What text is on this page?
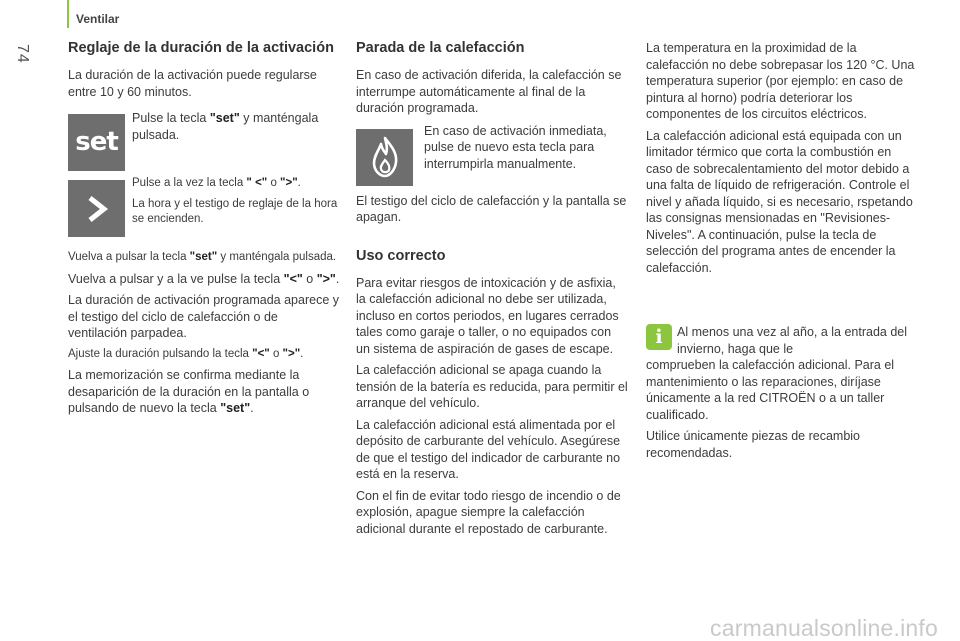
Ventilar
74	Reglaje de la duración de la activación

La duración de la activación puede regularse entre 10 y 60 minutos.

set
Pulse la tecla "set" y manténgala pulsada.

Pulse a la vez la tecla " <" o ">".

La hora y el testigo de reglaje de la hora se encienden.

Vuelva a pulsar la tecla "set" y manténgala pulsada.

Vuelva a pulsar y a la ve pulse la tecla "<" o ">".

La duración de activación programada aparece y el testigo del ciclo de calefacción o de ventilación parpadea.

Ajuste la duración pulsando la tecla "<" o ">".

La memorización se confirma mediante la desaparición de la duración en la pantalla o pulsando de nuevo la tecla "set".

Parada de la calefacción

En caso de activación diferida, la calefacción se interrumpe automáticamente al final de la duración programada.

En caso de activación inmediata, pulse de nuevo esta tecla para interrumpirla manualmente.

El testigo del ciclo de calefacción y la pantalla se apagan.

Uso correcto

Para evitar riesgos de intoxicación y de asfixia, la calefacción adicional no debe ser utilizada, incluso en cortos periodos, en lugares cerrados tales como garaje o taller, o no equipados con un sistema de aspiración de gases de escape.

La calefacción adicional se apaga cuando la tensión de la batería es reducida, para permitir el arranque del vehículo.

La calefacción adicional está alimentada por el depósito de carburante del vehículo. Asegúrese de que el testigo del indicador de carburante no está en la reserva.

Con el fin de evitar todo riesgo de incendio o de explosión, apague siempre la calefacción adicional durante el repostado de carburante.

La temperatura en la proximidad de la calefacción no debe sobrepasar los 120 °C. Una temperatura superior (por ejemplo: en caso de pintura al horno) podría deteriorar los componentes de los circuitos eléctricos.

La calefacción adicional está equipada con un limitador térmico que corta la combustión en caso de sobrecalentamiento del motor debido a una falta de líquido de refrigeración. Controle el nivel y añada líquido, si es necesario, rspetando las consignas mensionadas en "Revisiones-Niveles". A continuación, pulse la tecla de selección del programa antes de encender la calefacción.

i	Al menos una vez al año, a la entrada del invierno, haga que le
comprueben la calefacción adicional. Para el mantenimiento o las reparaciones, diríjase únicamente a la red CITROËN o a un taller cualificado.

Utilice únicamente piezas de recambio recomendadas.

carmanualsonline.info
